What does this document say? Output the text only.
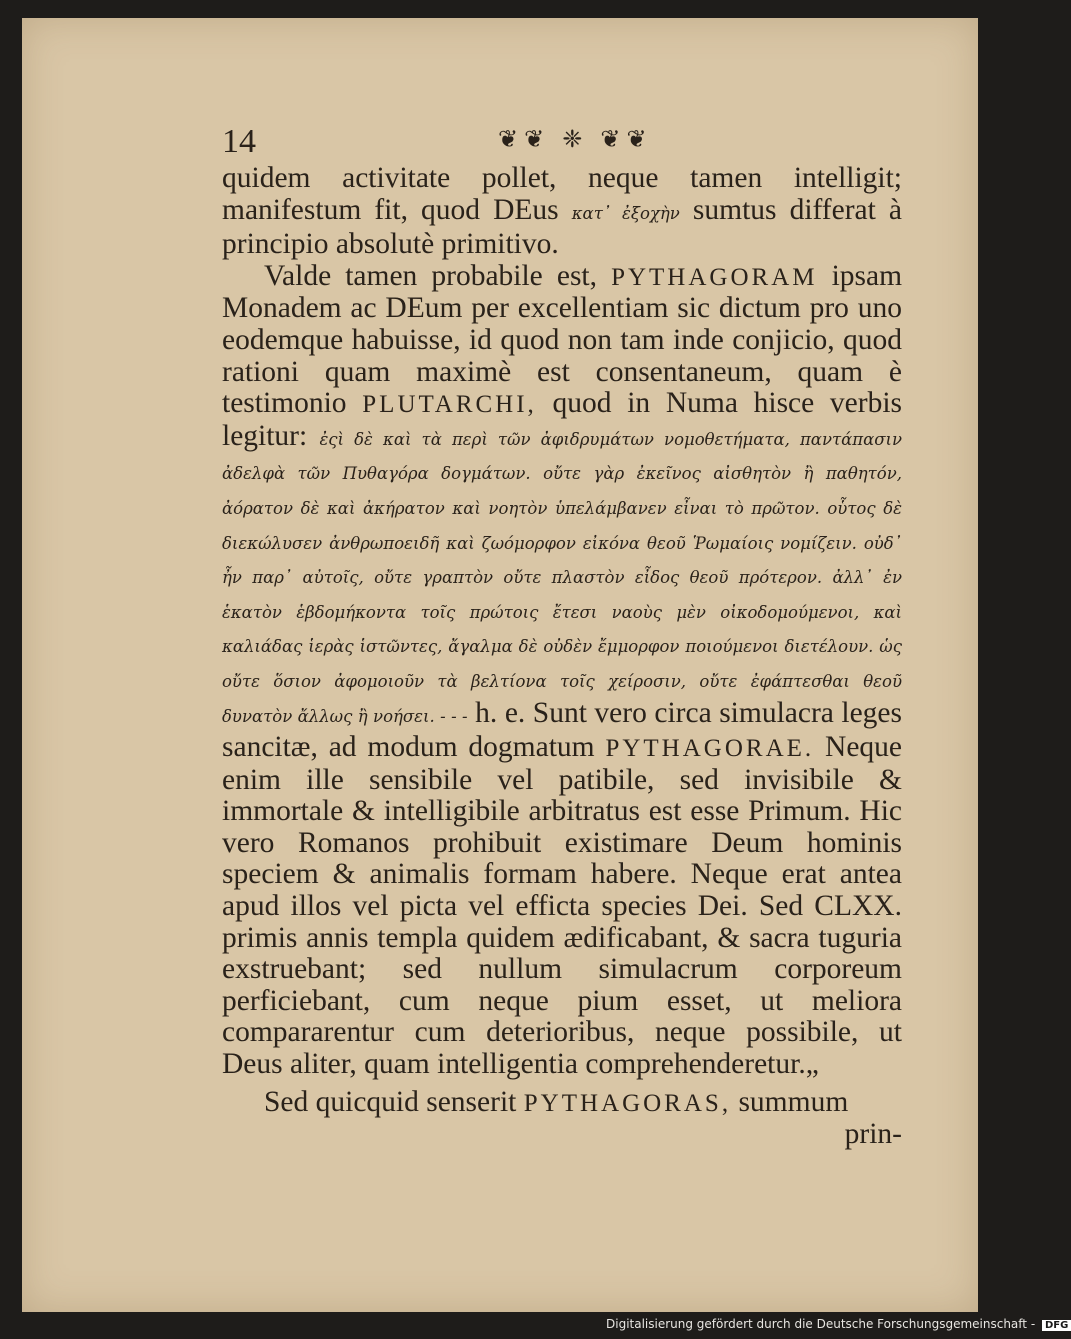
14	❦❦ ❈ ❦❦

quidem activitate pollet, neque tamen intelligit; manifestum fit, quod DEus κατ᾽ ἐξοχὴν sumtus differat à principio absolutè primitivo.

Valde tamen probabile est, PYTHAGORAM ipsam Monadem ac DEum per excellentiam sic dictum pro uno eodemque habuisse, id quod non tam inde conjicio, quod rationi quam maximè est consentaneum, quam è testimonio PLUTARCHI, quod in Numa hisce verbis legitur: ἐςὶ δὲ καὶ τὰ περὶ τῶν ἀφιδρυμάτων νομοθετήματα, παντάπασιν ἀδελφὰ τῶν Πυθαγόρα δογμάτων. οὔτε γὰρ ἐκεῖνος αἰσθητὸν ἢ παθητόν, ἀόρατον δὲ καὶ ἀκήρατον καὶ νοητὸν ὑπελάμβανεν εἶναι τὸ πρῶτον. οὗτος δὲ διεκώλυσεν ἀνθρωποειδῆ καὶ ζωόμορφον εἰκόνα θεοῦ Ῥωμαίοις νομίζειν. οὐδ᾽ ἦν παρ᾽ αὐτοῖς, οὔτε γραπτὸν οὔτε πλαστὸν εἶδος θεοῦ πρότερον. ἀλλ᾽ ἐν ἑκατὸν ἑβδομήκοντα τοῖς πρώτοις ἔτεσι ναοὺς μὲν οἰκοδομούμενοι, καὶ καλιάδας ἱερὰς ἱστῶντες, ἄγαλμα δὲ οὐδὲν ἔμμορφον ποιούμενοι διετέλουν. ὡς οὔτε ὅσιον ἀφομοιοῦν τὰ βελτίονα τοῖς χείροσιν, οὔτε ἐφάπτεσθαι θεοῦ δυνατὸν ἄλλως ἢ νοήσει. - - - h. e. Sunt vero circa simulacra leges sancitæ, ad modum dogmatum PYTHAGORAE. Neque enim ille sensibile vel patibile, sed invisibile & immortale & intelligibile arbitratus est esse Primum. Hic vero Romanos prohibuit existimare Deum hominis speciem & animalis formam habere. Neque erat antea apud illos vel picta vel efficta species Dei. Sed CLXX. primis annis templa quidem ædificabant, & sacra tuguria exstruebant; sed nullum simulacrum corporeum perficiebant, cum neque pium esset, ut meliora compararentur cum deterioribus, neque possibile, ut Deus aliter, quam intelligentia comprehenderetur.„

Sed quicquid senserit PYTHAGORAS, summum

prin-

Digitalisierung gefördert durch die Deutsche Forschungsgemeinschaft - DFG
